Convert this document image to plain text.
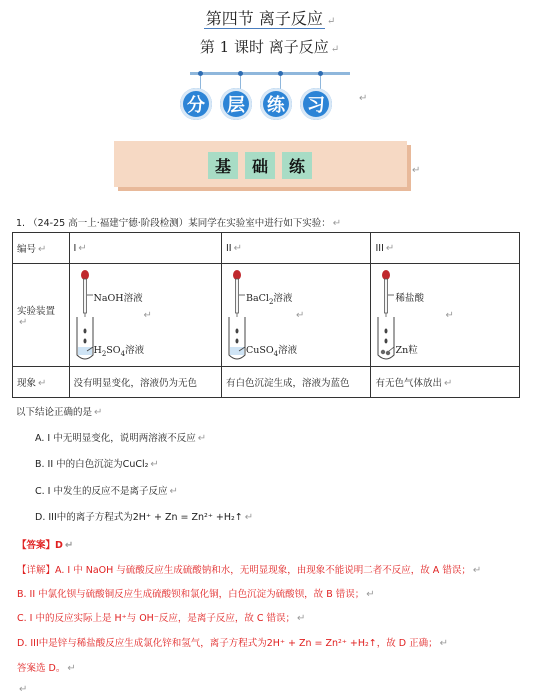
第四节 离子反应 ↵
第 1 课时 离子反应 ↵
分	层	练	习	↵
基	础	练	↵
1. （24-25 高一上·福建宁德·阶段检测）某同学在实验室中进行如下实验： ↵
编号 ↵	I ↵	II ↵	III ↵
实验装置↵	NaOH溶液
$H_2SO_4$溶液
↵	BaCl$_2$溶液
CuSO$_4$溶液
↵	稀盐酸
Zn粒
↵

现象 ↵	没有明显变化，溶液仍为无色	有白色沉淀生成，溶液为蓝色	有无色气体放出 ↵
以下结论正确的是 ↵
A. I 中无明显变化，说明两溶液不反应 ↵
B. II 中的白色沉淀为CuCl₂ ↵
C. I 中发生的反应不是离子反应 ↵
D. III中的离子方程式为2H⁺ + Zn = Zn²⁺ +H₂↑ ↵
【答案】D ↵
【详解】A. I 中 NaOH 与硫酸反应生成硫酸钠和水，无明显现象，由现象不能说明二者不反应，故 A 错误； ↵
B. II 中氯化钡与硫酸铜反应生成硫酸钡和氯化铜，白色沉淀为硫酸钡，故 B 错误； ↵
C. I 中的反应实际上是 H⁺与 OH⁻反应，是离子反应，故 C 错误； ↵
D. III中是锌与稀盐酸反应生成氯化锌和氢气，离子方程式为2H⁺ + Zn = Zn²⁺ +H₂↑，故 D 正确； ↵
答案选 D。 ↵
↵
